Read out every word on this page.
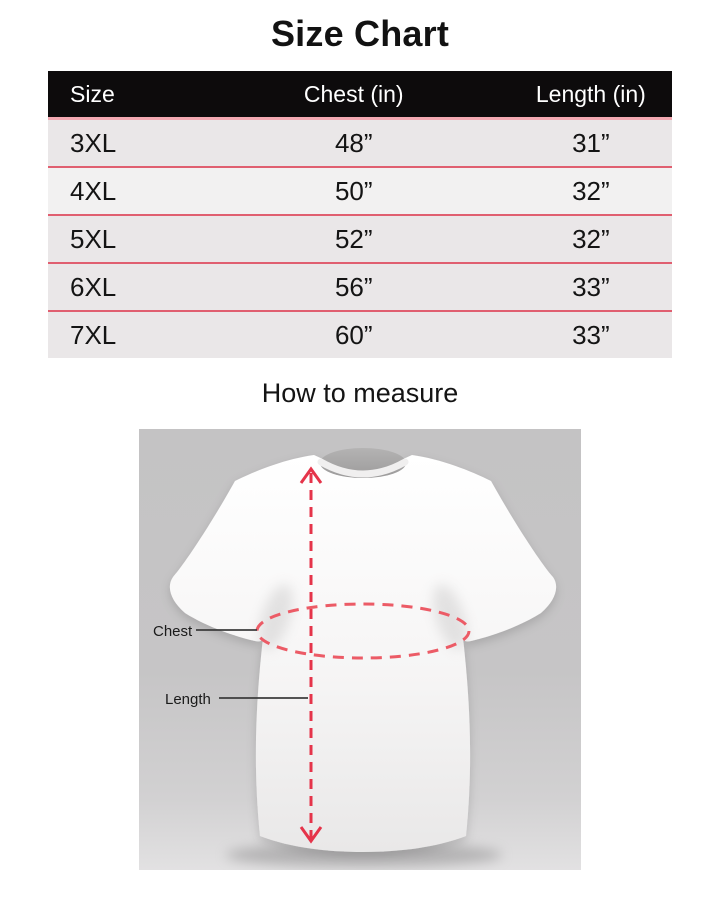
Size Chart
Size	Chest (in)	Length (in)
3XL	48”	31”
4XL	50”	32”
5XL	52”	32”
6XL	56”	33”
7XL	60”	33”
How to measure
Chest
Length
